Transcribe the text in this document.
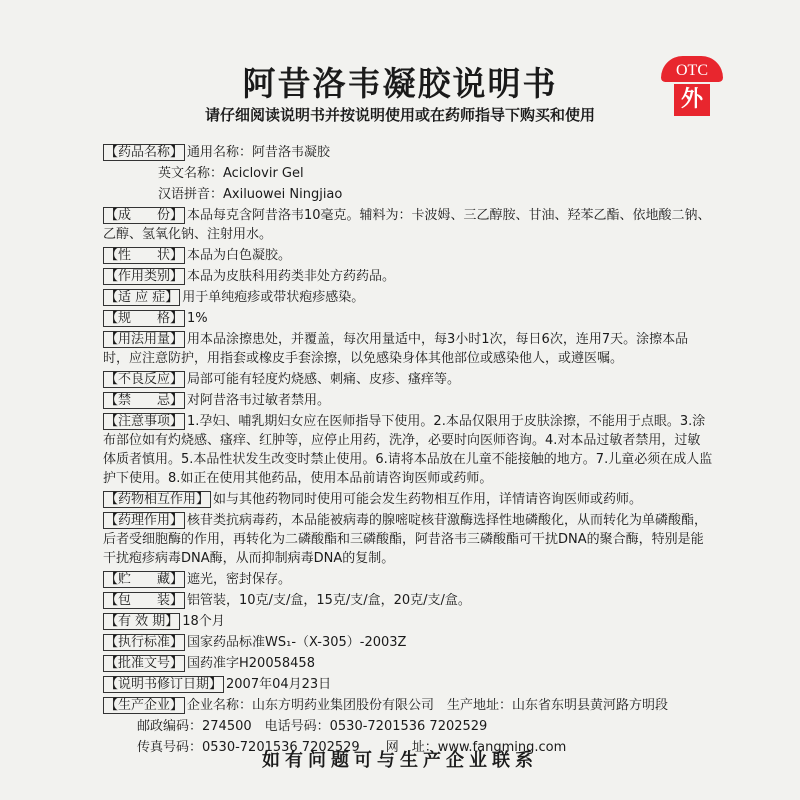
阿昔洛韦凝胶说明书
请仔细阅读说明书并按说明使用或在药师指导下购买和使用
OTC
外
【药品名称】 通用名称：阿昔洛韦凝胶
英文名称：Aciclovir Gel
汉语拼音：Axiluowei Ningjiao
【成　　份】 本品每克含阿昔洛韦10毫克。辅料为：卡波姆、三乙醇胺、甘油、羟苯乙酯、依地酸二钠、乙醇、氢氧化钠、注射用水。
【性　　状】 本品为白色凝胶。
【作用类别】 本品为皮肤科用药类非处方药药品。
【适 应 症】 用于单纯疱疹或带状疱疹感染。
【规　　格】 1%
【用法用量】 用本品涂擦患处，并覆盖，每次用量适中，每3小时1次，每日6次，连用7天。涂擦本品时，应注意防护，用指套或橡皮手套涂擦，以免感染身体其他部位或感染他人，或遵医嘱。
【不良反应】 局部可能有轻度灼烧感、刺痛、皮疹、瘙痒等。
【禁　　忌】 对阿昔洛韦过敏者禁用。
【注意事项】 1.孕妇、哺乳期妇女应在医师指导下使用。2.本品仅限用于皮肤涂擦，不能用于点眼。3.涂布部位如有灼烧感、瘙痒、红肿等，应停止用药，洗净，必要时向医师咨询。4.对本品过敏者禁用，过敏体质者慎用。5.本品性状发生改变时禁止使用。6.请将本品放在儿童不能接触的地方。7.儿童必须在成人监护下使用。8.如正在使用其他药品，使用本品前请咨询医师或药师。
【药物相互作用】 如与其他药物同时使用可能会发生药物相互作用，详情请咨询医师或药师。
【药理作用】 核苷类抗病毒药，本品能被病毒的腺嘧啶核苷激酶选择性地磷酸化，从而转化为单磷酸酯，后者受细胞酶的作用，再转化为二磷酸酯和三磷酸酯，阿昔洛韦三磷酸酯可干扰DNA的聚合酶，特别是能干扰疱疹病毒DNA酶，从而抑制病毒DNA的复制。
【贮　　藏】 遮光，密封保存。
【包　　装】 铝管装，10克/支/盒，15克/支/盒，20克/支/盒。
【有 效 期】 18个月
【执行标准】 国家药品标准WS₁-（X-305）-2003Z
【批准文号】 国药准字H20058458
【说明书修订日期】 2007年04月23日
【生产企业】 企业名称：山东方明药业集团股份有限公司　生产地址：山东省东明县黄河路方明段
邮政编码：274500　电话号码：0530-7201536 7202529
传真号码：0530-7201536 7202529　　网　址：www.fangming.com
如有问题可与生产企业联系
